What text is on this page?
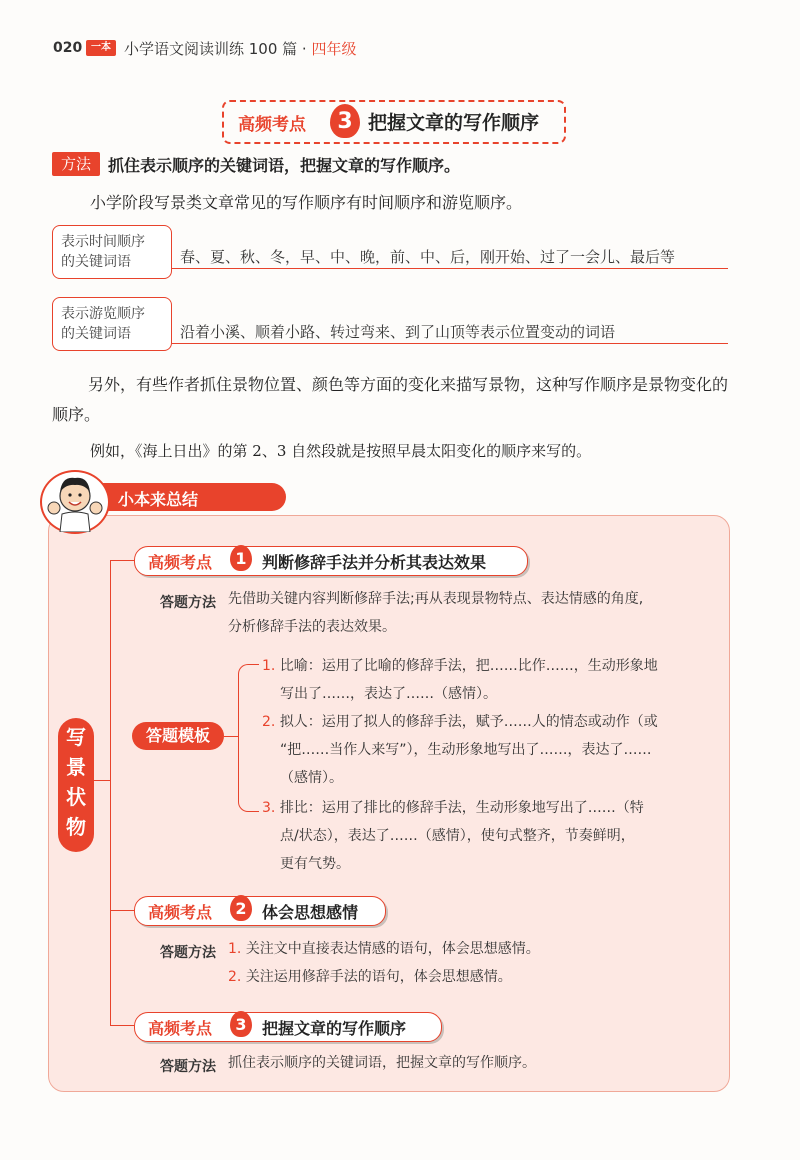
020 一本 小学语文阅读训练 100 篇 · 四年级
高频考点	3 把握文章的写作顺序
方法	抓住表示顺序的关键词语，把握文章的写作顺序。
小学阶段写景类文章常见的写作顺序有时间顺序和游览顺序。
表示时间顺序
的关键词语	春、夏、秋、冬，早、中、晚，前、中、后，刚开始、过了一会儿、最后等
表示游览顺序
的关键词语	沿着小溪、顺着小路、转过弯来、到了山顶等表示位置变动的词语
另外，有些作者抓住景物位置、颜色等方面的变化来描写景物，这种写作顺序是景物变化的顺序。
例如，《海上日出》的第 2、3 自然段就是按照早晨太阳变化的顺序来写的。
小本来总结
写景状物
高频考点	1 判断修辞手法并分析其表达效果
答题方法 先借助关键内容判断修辞手法;再从表现景物特点、表达情感的角度,
分析修辞手法的表达效果。
答题模板
1. 比喻：运用了比喻的修辞手法，把……比作……，生动形象地
写出了……，表达了……（感情）。
2. 拟人：运用了拟人的修辞手法，赋予……人的情态或动作（或
“把……当作人来写”），生动形象地写出了……，表达了……
（感情）。
3. 排比：运用了排比的修辞手法，生动形象地写出了……（特
点/状态），表达了……（感情），使句式整齐，节奏鲜明，
更有气势。
高频考点	2 体会思想感情
答题方法 1. 关注文中直接表达情感的语句，体会思想感情。
2. 关注运用修辞手法的语句，体会思想感情。
高频考点	3 把握文章的写作顺序
答题方法 抓住表示顺序的关键词语，把握文章的写作顺序。
